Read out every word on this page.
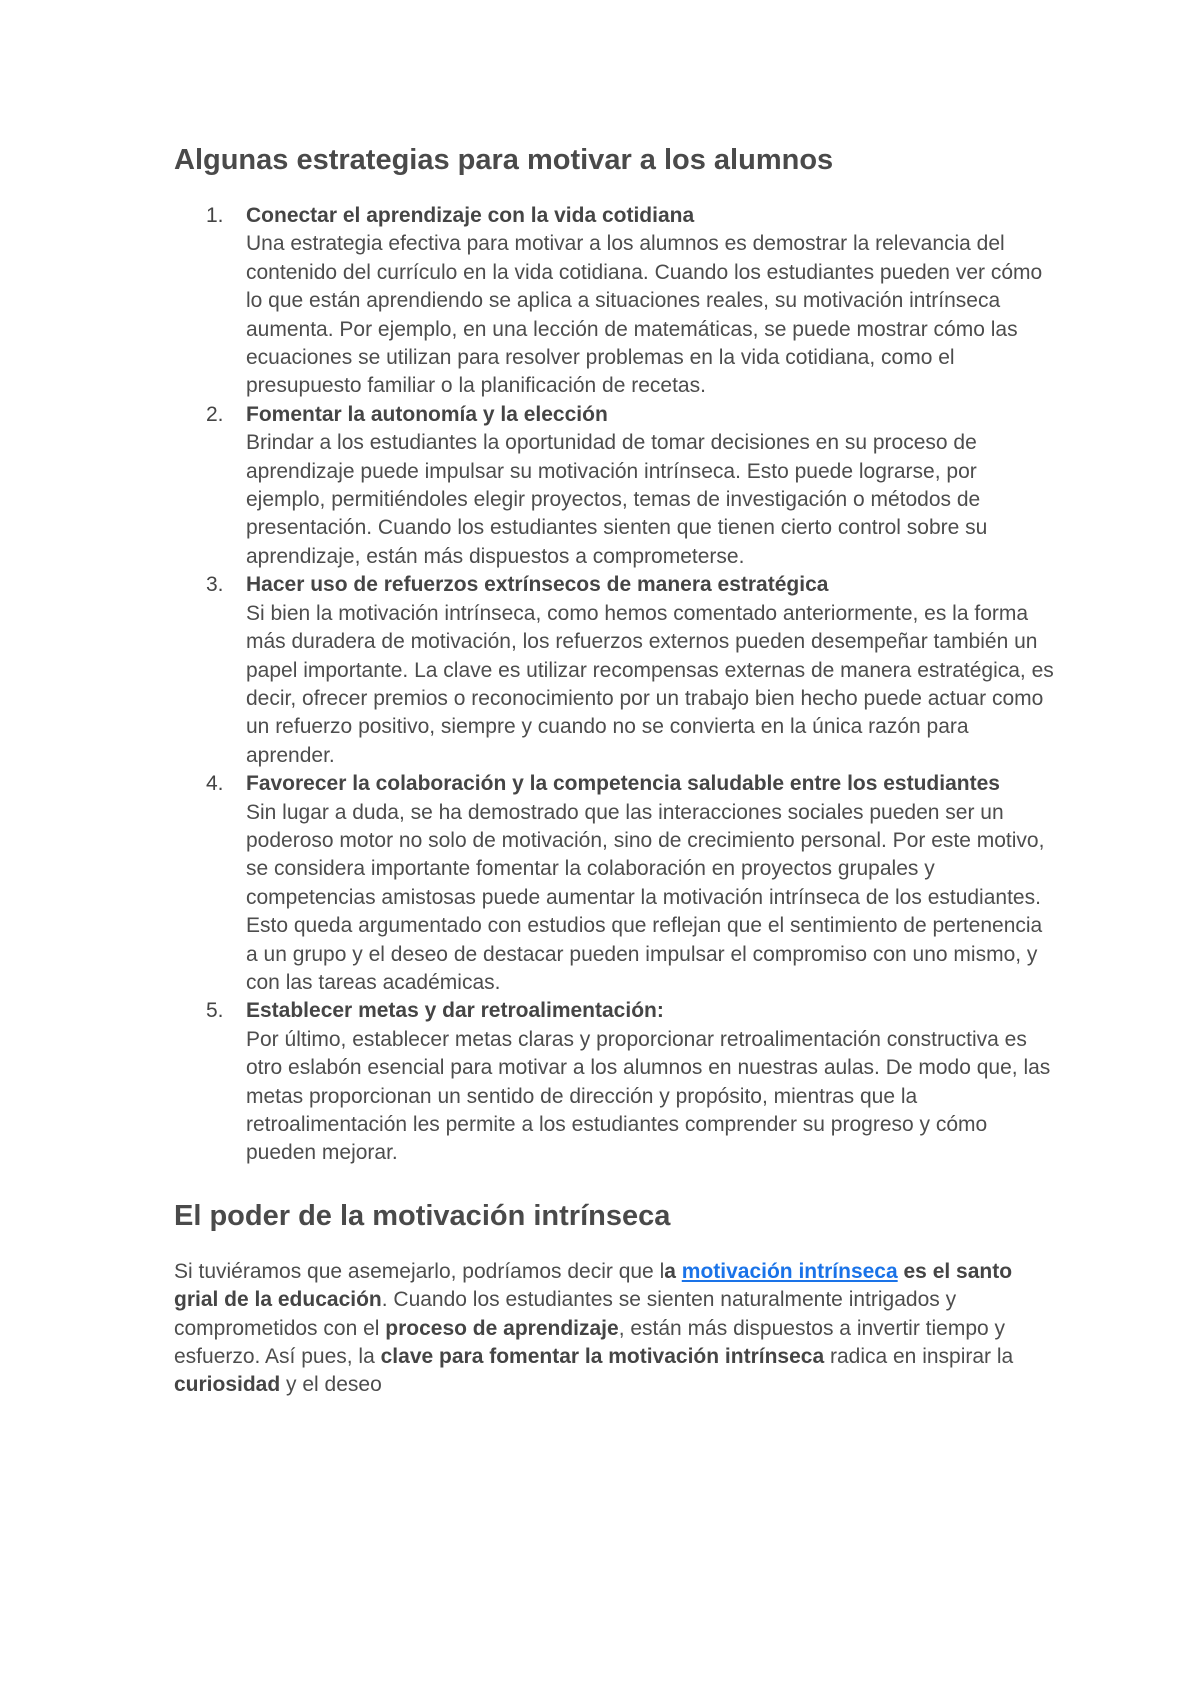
Algunas estrategias para motivar a los alumnos
1. Conectar el aprendizaje con la vida cotidiana
Una estrategia efectiva para motivar a los alumnos es demostrar la relevancia del contenido del currículo en la vida cotidiana. Cuando los estudiantes pueden ver cómo lo que están aprendiendo se aplica a situaciones reales, su motivación intrínseca aumenta. Por ejemplo, en una lección de matemáticas, se puede mostrar cómo las ecuaciones se utilizan para resolver problemas en la vida cotidiana, como el presupuesto familiar o la planificación de recetas.
2. Fomentar la autonomía y la elección
Brindar a los estudiantes la oportunidad de tomar decisiones en su proceso de aprendizaje puede impulsar su motivación intrínseca. Esto puede lograrse, por ejemplo, permitiéndoles elegir proyectos, temas de investigación o métodos de presentación. Cuando los estudiantes sienten que tienen cierto control sobre su aprendizaje, están más dispuestos a comprometerse.
3. Hacer uso de refuerzos extrínsecos de manera estratégica
Si bien la motivación intrínseca, como hemos comentado anteriormente, es la forma más duradera de motivación, los refuerzos externos pueden desempeñar también un papel importante. La clave es utilizar recompensas externas de manera estratégica, es decir, ofrecer premios o reconocimiento por un trabajo bien hecho puede actuar como un refuerzo positivo, siempre y cuando no se convierta en la única razón para aprender.
4. Favorecer la colaboración y la competencia saludable entre los estudiantes
Sin lugar a duda, se ha demostrado que las interacciones sociales pueden ser un poderoso motor no solo de motivación, sino de crecimiento personal. Por este motivo, se considera importante fomentar la colaboración en proyectos grupales y competencias amistosas puede aumentar la motivación intrínseca de los estudiantes. Esto queda argumentado con estudios que reflejan que el sentimiento de pertenencia a un grupo y el deseo de destacar pueden impulsar el compromiso con uno mismo, y con las tareas académicas.
5. Establecer metas y dar retroalimentación:
Por último, establecer metas claras y proporcionar retroalimentación constructiva es otro eslabón esencial para motivar a los alumnos en nuestras aulas. De modo que, las metas proporcionan un sentido de dirección y propósito, mientras que la retroalimentación les permite a los estudiantes comprender su progreso y cómo pueden mejorar.
El poder de la motivación intrínseca

Si tuviéramos que asemejarlo, podríamos decir que la motivación intrínseca es el santo grial de la educación. Cuando los estudiantes se sienten naturalmente intrigados y comprometidos con el proceso de aprendizaje, están más dispuestos a invertir tiempo y esfuerzo. Así pues, la clave para fomentar la motivación intrínseca radica en inspirar la curiosidad y el deseo
